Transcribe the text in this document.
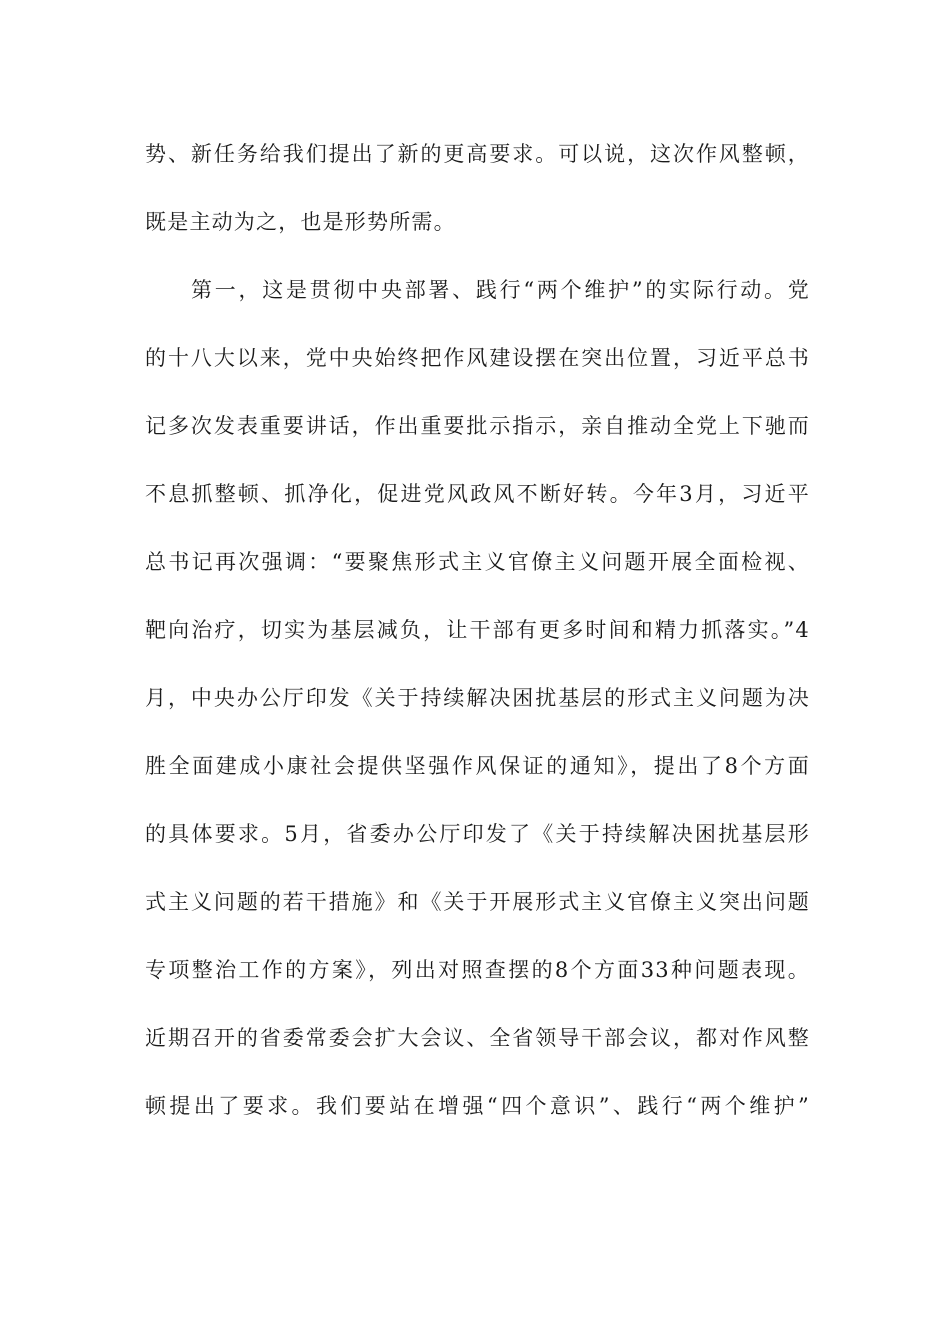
势、新任务给我们提出了新的更高要求。可以说，这次作风整顿，
既是主动为之，也是形势所需。
第一，这是贯彻中央部署、践行“两个维护”的实际行动。党
的十八大以来，党中央始终把作风建设摆在突出位置，习近平总书
记多次发表重要讲话，作出重要批示指示，亲自推动全党上下驰而
不息抓整顿、抓净化，促进党风政风不断好转。今年3月，习近平
总书记再次强调：“要聚焦形式主义官僚主义问题开展全面检视、
靶向治疗，切实为基层减负，让干部有更多时间和精力抓落实。”4
月，中央办公厅印发《关于持续解决困扰基层的形式主义问题为决
胜全面建成小康社会提供坚强作风保证的通知》，提出了8个方面
的具体要求。5月，省委办公厅印发了《关于持续解决困扰基层形
式主义问题的若干措施》和《关于开展形式主义官僚主义突出问题
专项整治工作的方案》，列出对照查摆的8个方面33种问题表现。
近期召开的省委常委会扩大会议、全省领导干部会议，都对作风整
顿提出了要求。我们要站在增强“四个意识”、践行“两个维护”
